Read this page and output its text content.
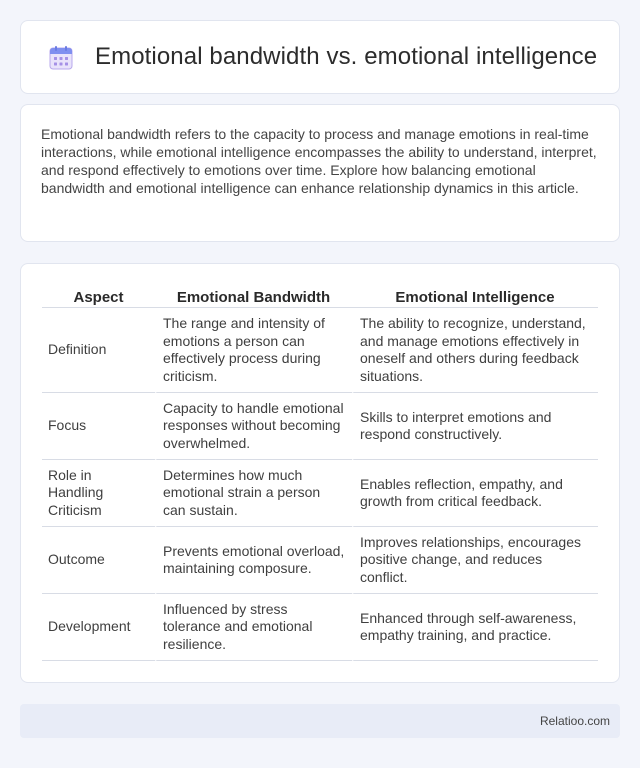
Emotional bandwidth vs. emotional intelligence

Emotional bandwidth refers to the capacity to process and manage emotions in real-time interactions, while emotional intelligence encompasses the ability to understand, interpret, and respond effectively to emotions over time. Explore how balancing emotional bandwidth and emotional intelligence can enhance relationship dynamics in this article.

Aspect	Emotional Bandwidth	Emotional Intelligence
Definition	The range and intensity of emotions a person can effectively process during criticism.	The ability to recognize, understand, and manage emotions effectively in oneself and others during feedback situations.
Focus	Capacity to handle emotional responses without becoming overwhelmed.	Skills to interpret emotions and respond constructively.
Role in Handling Criticism	Determines how much emotional strain a person can sustain.	Enables reflection, empathy, and growth from critical feedback.
Outcome	Prevents emotional overload, maintaining composure.	Improves relationships, encourages positive change, and reduces conflict.
Development	Influenced by stress tolerance and emotional resilience.	Enhanced through self-awareness, empathy training, and practice.
Relatioo.com
